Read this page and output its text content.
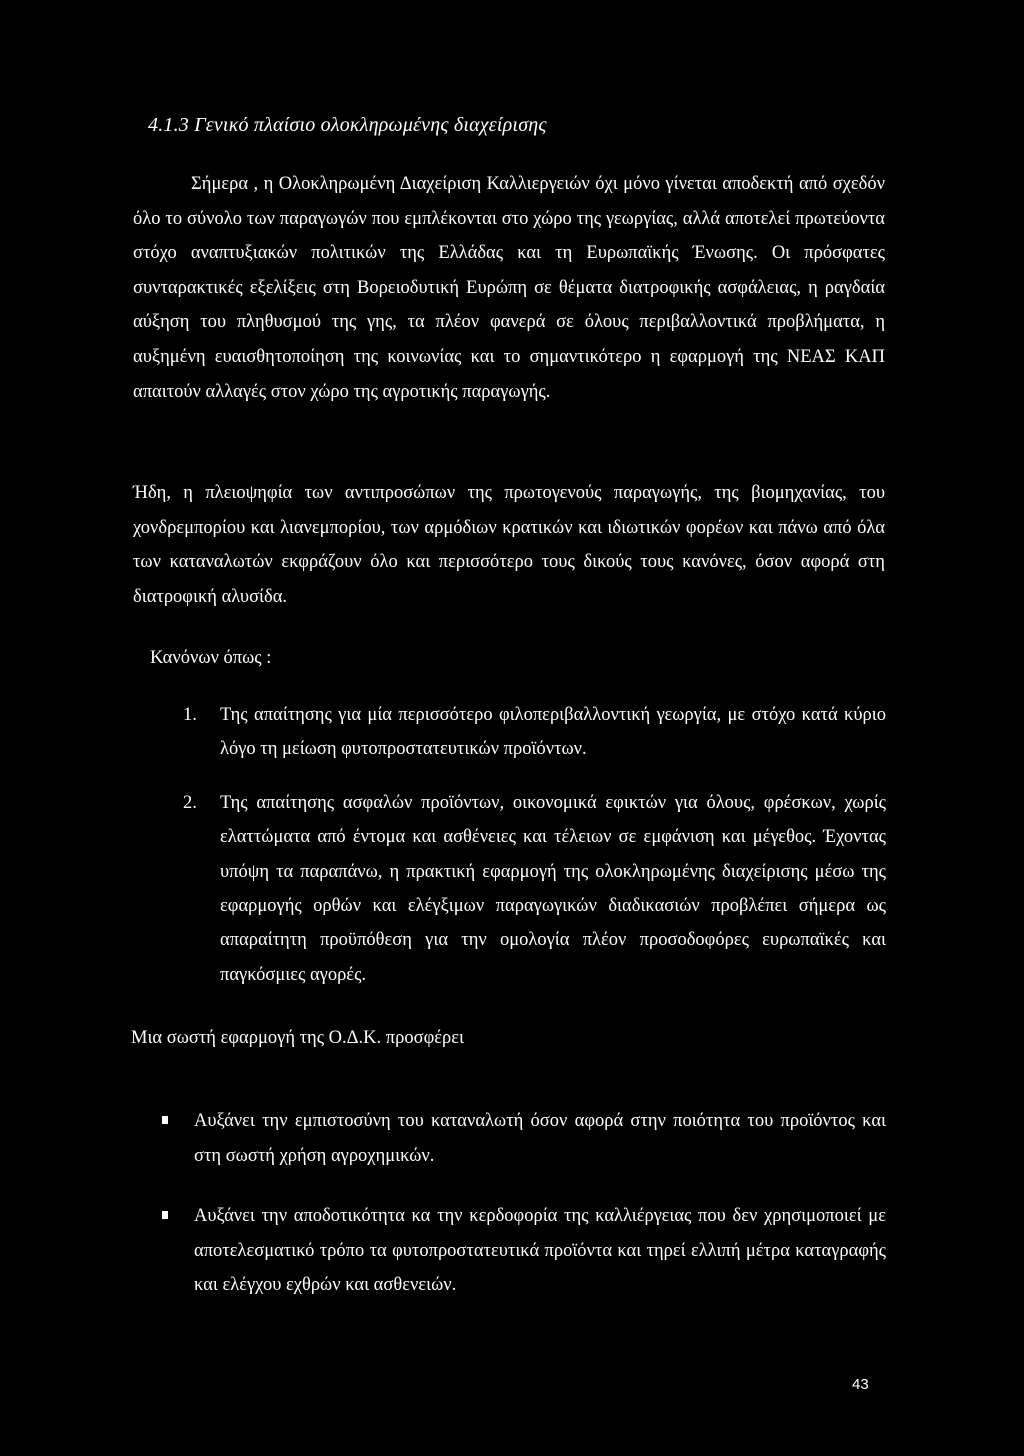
4.1.3 Γενικό πλαίσιο ολοκληρωμένης διαχείρισης

Σήμερα , η Ολοκληρωμένη Διαχείριση Καλλιεργειών όχι μόνο γίνεται αποδεκτή από σχεδόν όλο το σύνολο των παραγωγών που εμπλέκονται στο χώρο της γεωργίας, αλλά αποτελεί πρωτεύοντα στόχο αναπτυξιακών πολιτικών της Ελλάδας και τη Ευρωπαϊκής Ένωσης. Οι πρόσφατες συνταρακτικές εξελίξεις στη Βορειοδυτική Ευρώπη σε θέματα διατροφικής ασφάλειας, η ραγδαία αύξηση του πληθυσμού της γης, τα πλέον φανερά σε όλους περιβαλλοντικά προβλήματα, η αυξημένη ευαισθητοποίηση της κοινωνίας και το σημαντικότερο η εφαρμογή της ΝΕΑΣ ΚΑΠ απαιτούν αλλαγές στον χώρο της αγροτικής παραγωγής.

Ήδη, η πλειοψηφία των αντιπροσώπων της πρωτογενούς παραγωγής, της βιομηχανίας, του χονδρεμπορίου και λιανεμπορίου, των αρμόδιων κρατικών και ιδιωτικών φορέων και πάνω από όλα των καταναλωτών εκφράζουν όλο και περισσότερο τους δικούς τους κανόνες, όσον αφορά στη διατροφική αλυσίδα.

Κανόνων όπως :

1. Της απαίτησης για μία περισσότερο φιλοπεριβαλλοντική γεωργία, με στόχο κατά κύριο λόγο τη μείωση φυτοπροστατευτικών προϊόντων.
2. Της απαίτησης ασφαλών προϊόντων, οικονομικά εφικτών για όλους, φρέσκων, χωρίς ελαττώματα από έντομα και ασθένειες και τέλειων σε εμφάνιση και μέγεθος. Έχοντας υπόψη τα παραπάνω, η πρακτική εφαρμογή της ολοκληρωμένης διαχείρισης μέσω της εφαρμογής ορθών και ελέγξιμων παραγωγικών διαδικασιών προβλέπει σήμερα ως απαραίτητη προϋπόθεση για την ομολογία πλέον προσοδοφόρες ευρωπαϊκές και παγκόσμιες αγορές.

Μια σωστή εφαρμογή της Ο.Δ.Κ. προσφέρει

Αυξάνει την εμπιστοσύνη του καταναλωτή όσον αφορά στην ποιότητα του προϊόντος και στη σωστή χρήση αγροχημικών.
Αυξάνει την αποδοτικότητα κα την κερδοφορία της καλλιέργειας που δεν χρησιμοποιεί με αποτελεσματικό τρόπο τα φυτοπροστατευτικά προϊόντα και τηρεί ελλιπή μέτρα καταγραφής και ελέγχου εχθρών και ασθενειών.
43
